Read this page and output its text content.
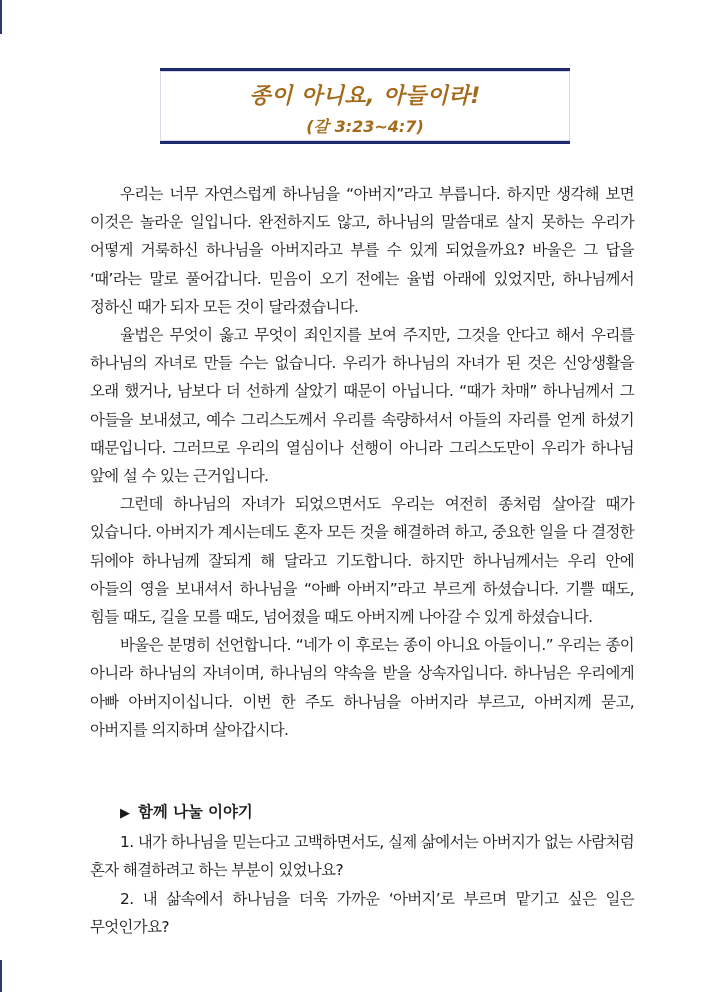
종이 아니요, 아들이라!
(갈 3:23~4:7)

우리는 너무 자연스럽게 하나님을 “아버지”라고 부릅니다. 하지만 생각해 보면 이것은 놀라운 일입니다. 완전하지도 않고, 하나님의 말씀대로 살지 못하는 우리가 어떻게 거룩하신 하나님을 아버지라고 부를 수 있게 되었을까요? 바울은 그 답을 ‘때’라는 말로 풀어갑니다. 믿음이 오기 전에는 율법 아래에 있었지만, 하나님께서 정하신 때가 되자 모든 것이 달라졌습니다.

율법은 무엇이 옳고 무엇이 죄인지를 보여 주지만, 그것을 안다고 해서 우리를 하나님의 자녀로 만들 수는 없습니다. 우리가 하나님의 자녀가 된 것은 신앙생활을 오래 했거나, 남보다 더 선하게 살았기 때문이 아닙니다. “때가 차매” 하나님께서 그 아들을 보내셨고, 예수 그리스도께서 우리를 속량하셔서 아들의 자리를 얻게 하셨기 때문입니다. 그러므로 우리의 열심이나 선행이 아니라 그리스도만이 우리가 하나님 앞에 설 수 있는 근거입니다.

그런데 하나님의 자녀가 되었으면서도 우리는 여전히 종처럼 살아갈 때가 있습니다. 아버지가 계시는데도 혼자 모든 것을 해결하려 하고, 중요한 일을 다 결정한 뒤에야 하나님께 잘되게 해 달라고 기도합니다. 하지만 하나님께서는 우리 안에 아들의 영을 보내셔서 하나님을 “아빠 아버지”라고 부르게 하셨습니다. 기쁠 때도, 힘들 때도, 길을 모를 때도, 넘어졌을 때도 아버지께 나아갈 수 있게 하셨습니다.

바울은 분명히 선언합니다. “네가 이 후로는 종이 아니요 아들이니.” 우리는 종이 아니라 하나님의 자녀이며, 하나님의 약속을 받을 상속자입니다. 하나님은 우리에게 아빠 아버지이십니다. 이번 한 주도 하나님을 아버지라 부르고, 아버지께 묻고, 아버지를 의지하며 살아갑시다.

▶ 함께 나눌 이야기

1. 내가 하나님을 믿는다고 고백하면서도, 실제 삶에서는 아버지가 없는 사람처럼 혼자 해결하려고 하는 부분이 있었나요?

2. 내 삶속에서 하나님을 더욱 가까운 ‘아버지’로 부르며 맡기고 싶은 일은 무엇인가요?
